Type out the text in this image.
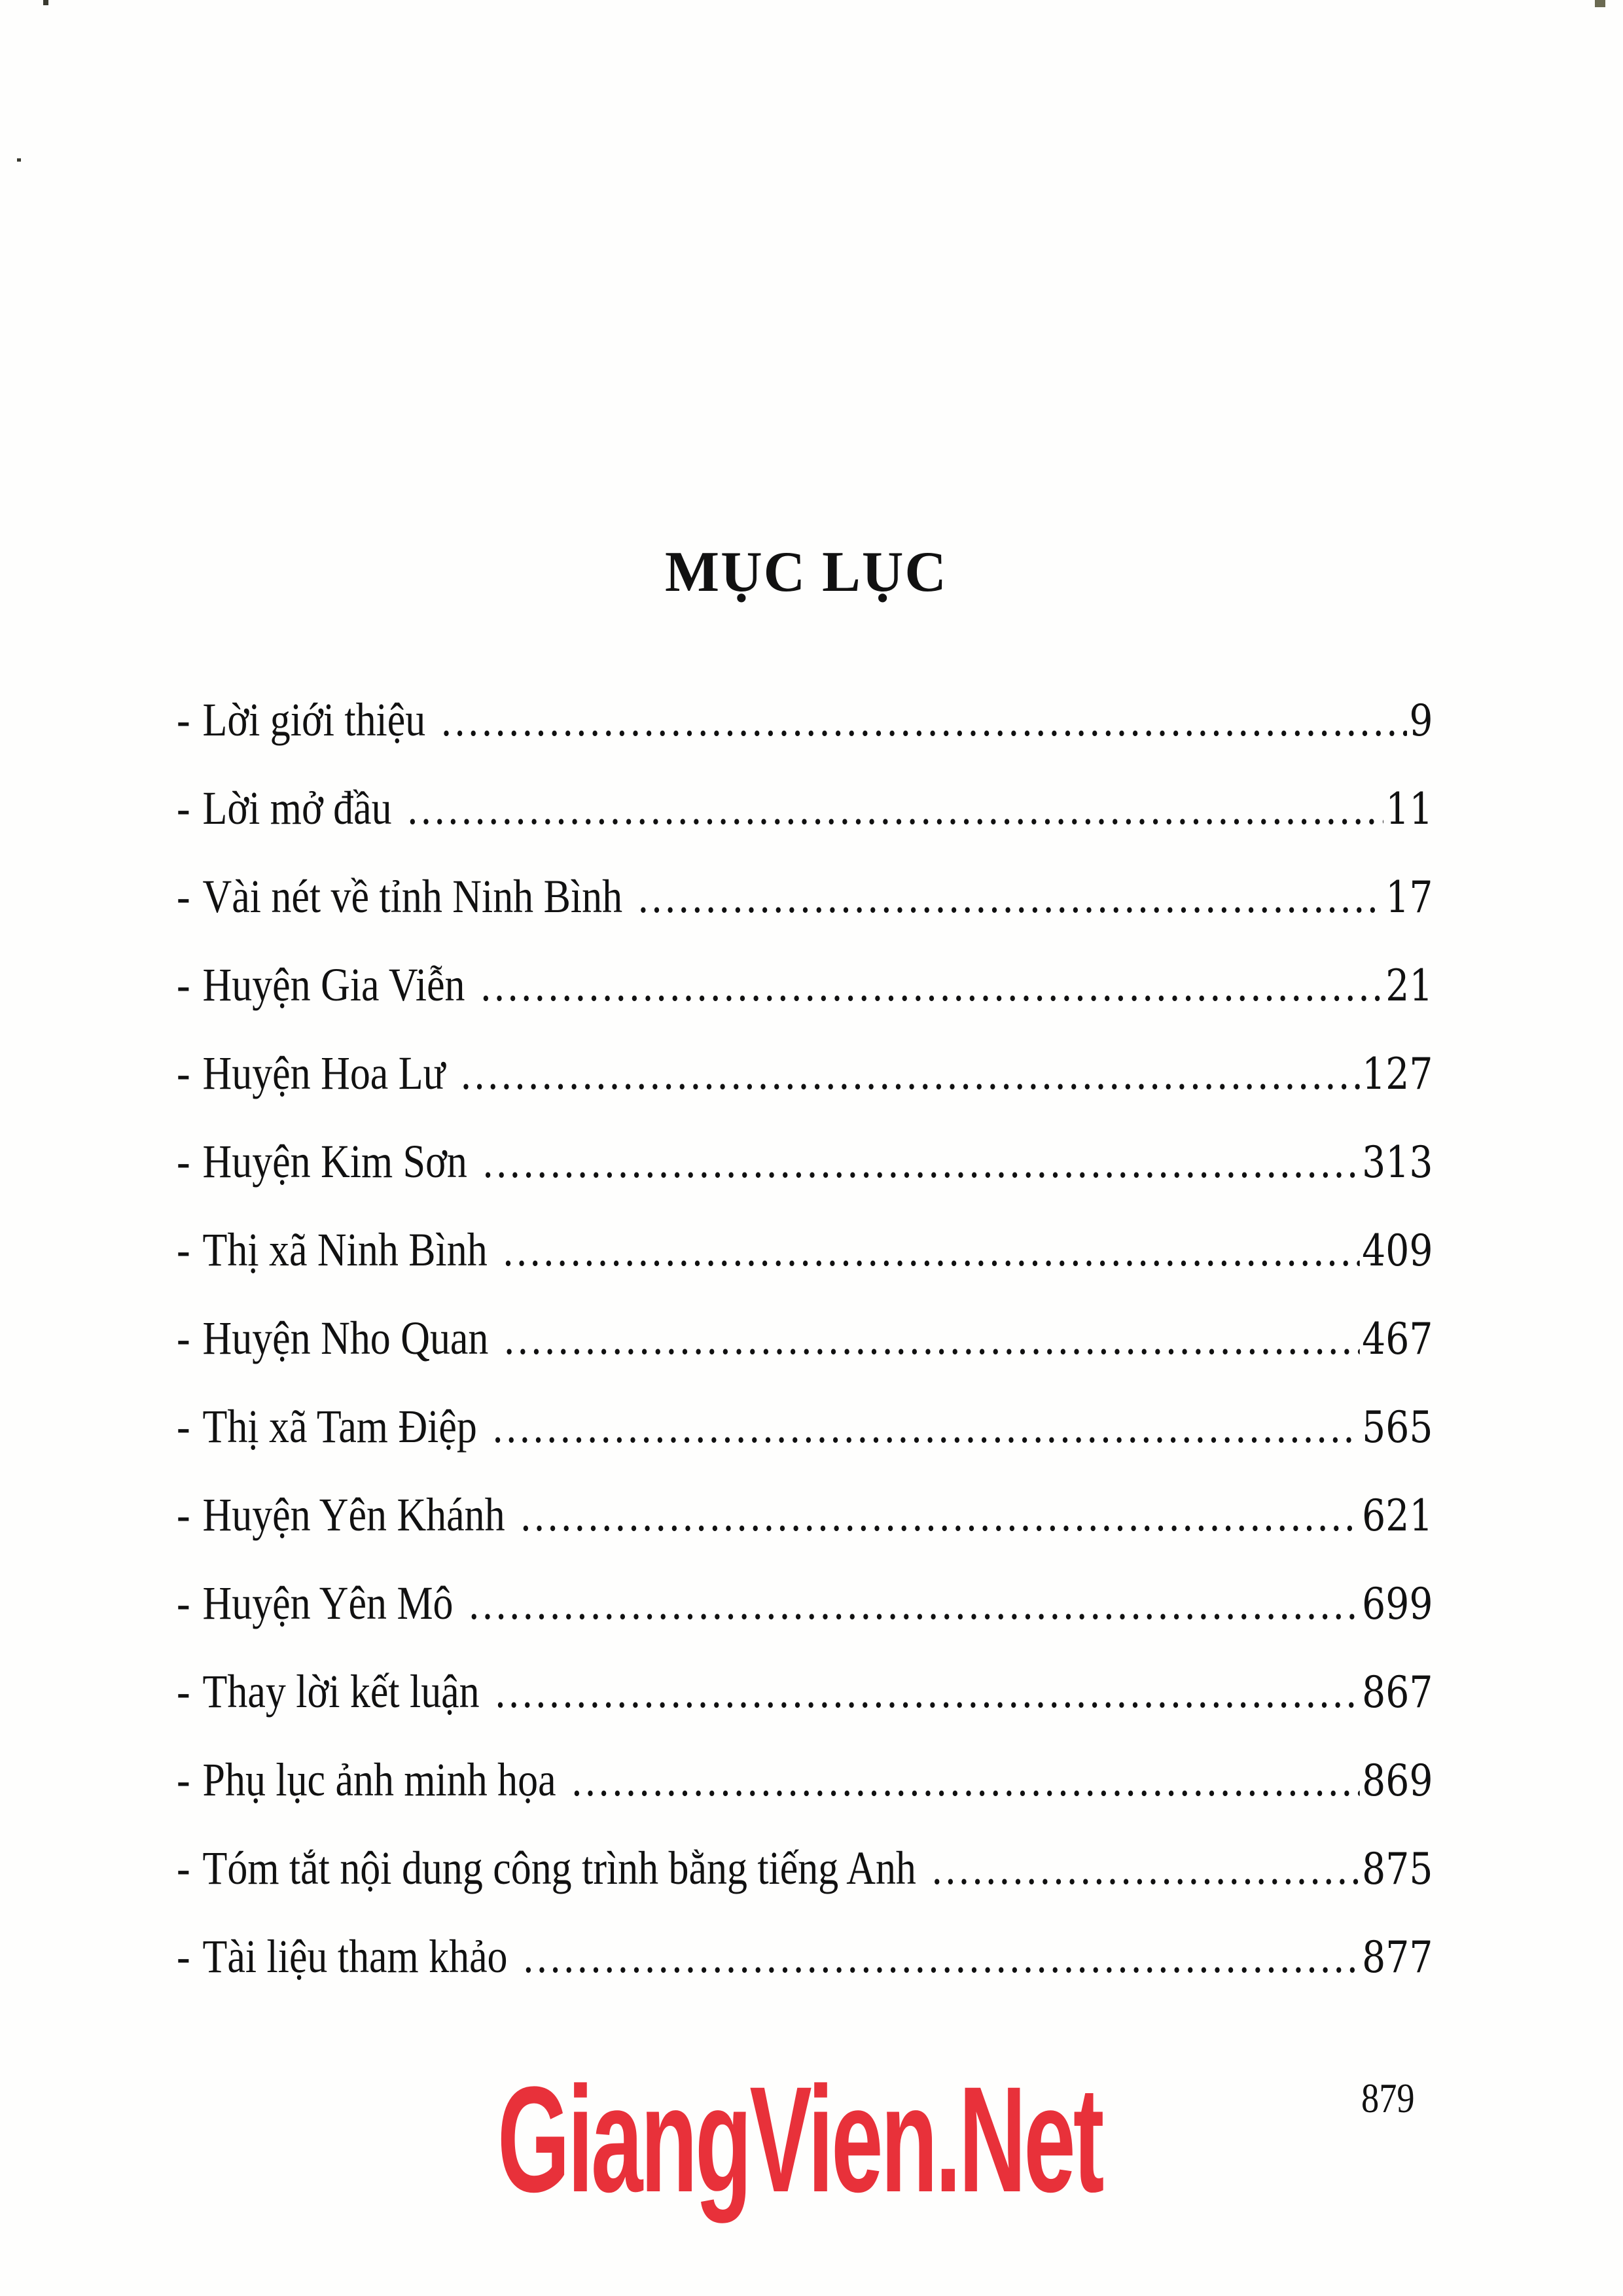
MỤC LỤC
- Lời giới thiệu .....	9
- Lời mở đầu .....	11
- Vài nét về tỉnh Ninh Bình .....	17
- Huyện Gia Viễn .....	21
- Huyện Hoa Lư .....	127
- Huyện Kim Sơn .....	313
- Thị xã Ninh Bình .....	409
- Huyện Nho Quan .....	467
- Thị xã Tam Điệp .....	565
- Huyện Yên Khánh .....	621
- Huyện Yên Mô .....	699
- Thay lời kết luận .....	867
- Phụ lục ảnh minh họa .....	869
- Tóm tắt nội dung công trình bằng tiếng Anh .....	875
- Tài liệu tham khảo .....	877
879
GiangVien.Net
